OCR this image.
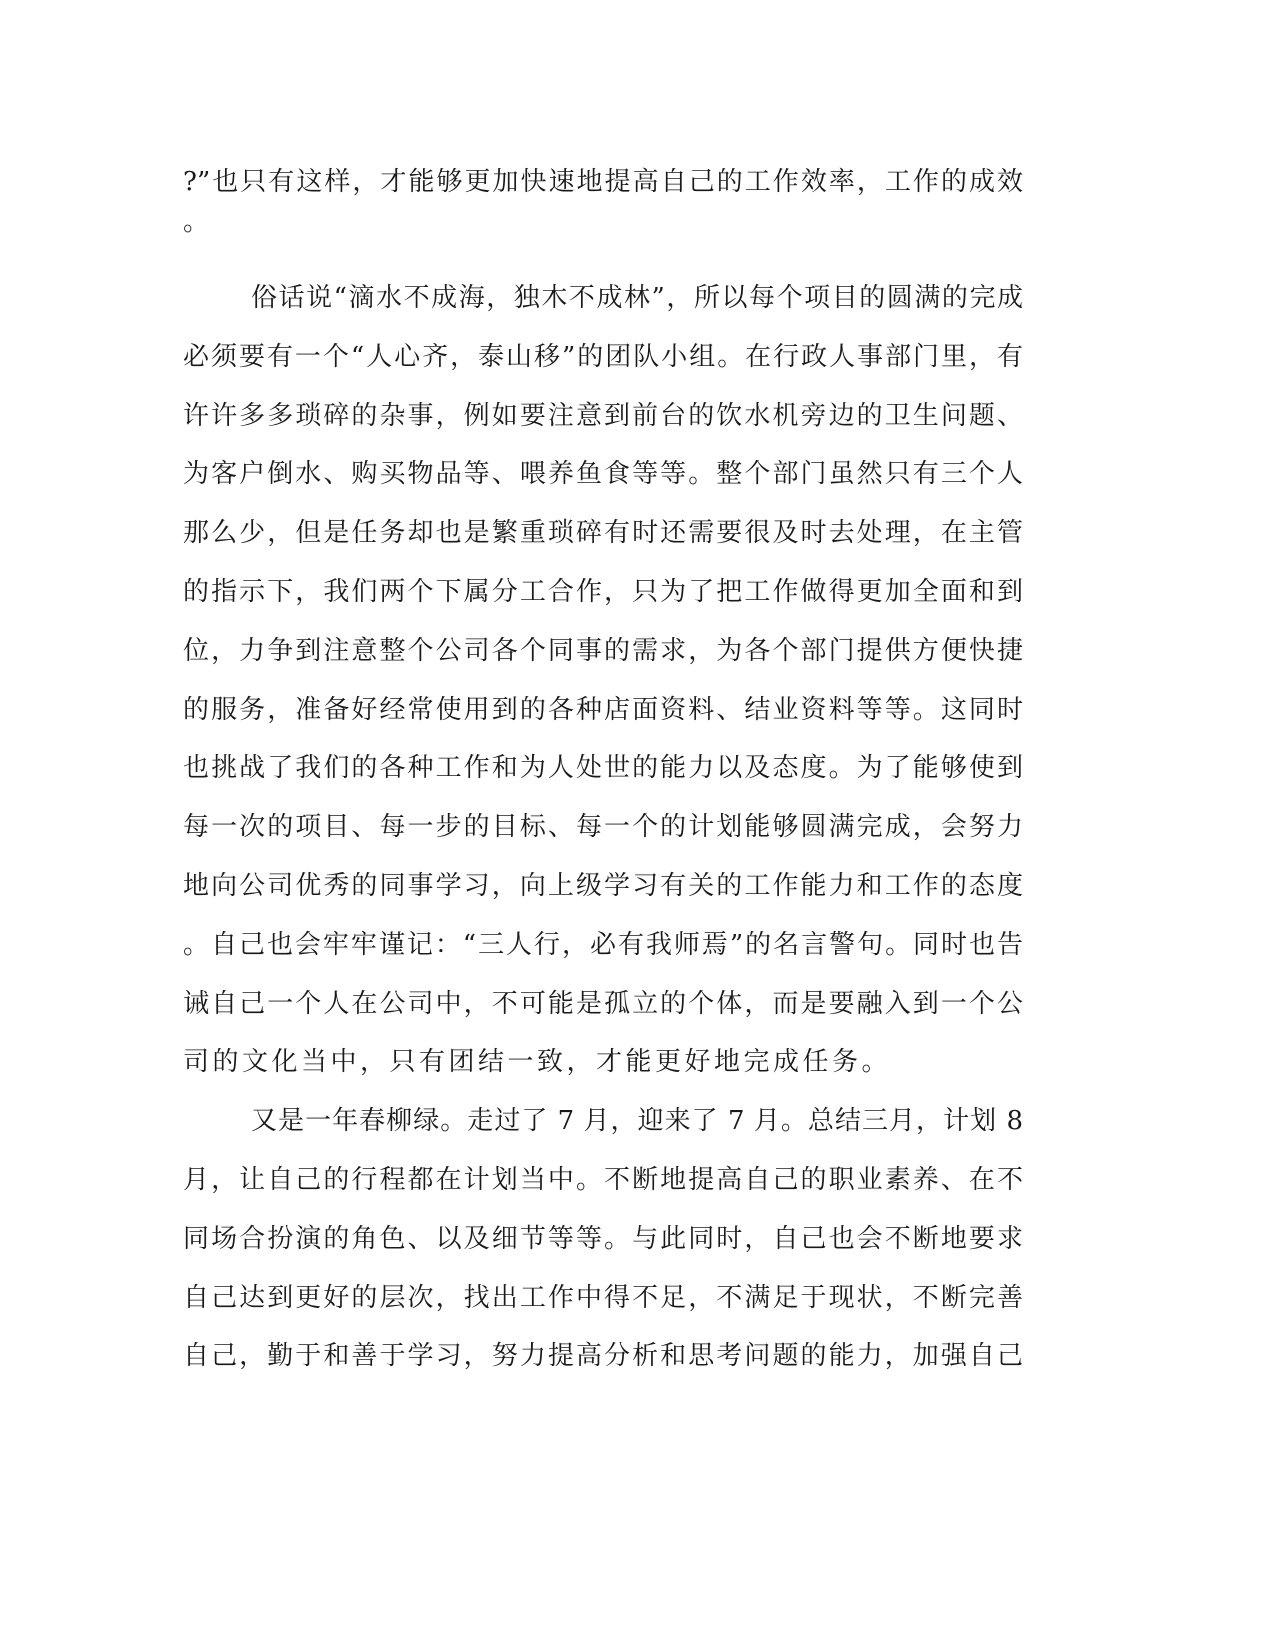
?”也只有这样，才能够更加快速地提高自己的工作效率，工作的成效
。
俗话说“滴水不成海，独木不成林”，所以每个项目的圆满的完成
必须要有一个“人心齐，泰山移”的团队小组。在行政人事部门里，有
许许多多琐碎的杂事，例如要注意到前台的饮水机旁边的卫生问题、
为客户倒水、购买物品等、喂养鱼食等等。整个部门虽然只有三个人
那么少，但是任务却也是繁重琐碎有时还需要很及时去处理，在主管
的指示下，我们两个下属分工合作，只为了把工作做得更加全面和到
位，力争到注意整个公司各个同事的需求，为各个部门提供方便快捷
的服务，准备好经常使用到的各种店面资料、结业资料等等。这同时
也挑战了我们的各种工作和为人处世的能力以及态度。为了能够使到
每一次的项目、每一步的目标、每一个的计划能够圆满完成，会努力
地向公司优秀的同事学习，向上级学习有关的工作能力和工作的态度
。自己也会牢牢谨记：“三人行，必有我师焉”的名言警句。同时也告
诫自己一个人在公司中，不可能是孤立的个体，而是要融入到一个公
司的文化当中，只有团结一致，才能更好地完成任务。
又是一年春柳绿。走过了 7 月，迎来了 7 月。总结三月，计划 8
月，让自己的行程都在计划当中。不断地提高自己的职业素养、在不
同场合扮演的角色、以及细节等等。与此同时，自己也会不断地要求
自己达到更好的层次，找出工作中得不足，不满足于现状，不断完善
自己，勤于和善于学习，努力提高分析和思考问题的能力，加强自己
